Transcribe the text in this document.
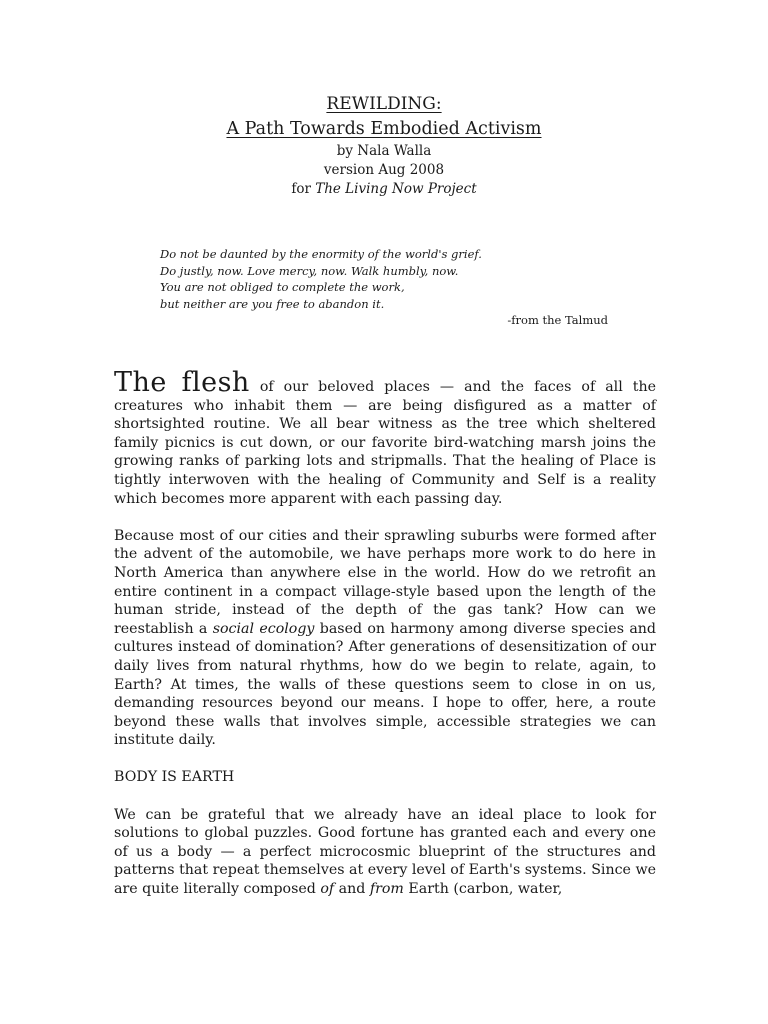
REWILDING:
A Path Towards Embodied Activism
by Nala Walla
version Aug 2008
for The Living Now Project
Do not be daunted by the enormity of the world's grief.
Do justly, now. Love mercy, now. Walk humbly, now.
You are not obliged to complete the work,
but neither are you free to abandon it.
-from the Talmud

The flesh of our beloved places — and the faces of all the creatures who inhabit them — are being disfigured as a matter of shortsighted routine. We all bear witness as the tree which sheltered family picnics is cut down, or our favorite bird-watching marsh joins the growing ranks of parking lots and stripmalls. That the healing of Place is tightly interwoven with the healing of Community and Self is a reality which becomes more apparent with each passing day.

Because most of our cities and their sprawling suburbs were formed after the advent of the automobile, we have perhaps more work to do here in North America than anywhere else in the world. How do we retrofit an entire continent in a compact village-style based upon the length of the human stride, instead of the depth of the gas tank? How can we reestablish a social ecology based on harmony among diverse species and cultures instead of domination? After generations of desensitization of our daily lives from natural rhythms, how do we begin to relate, again, to Earth? At times, the walls of these questions seem to close in on us, demanding resources beyond our means. I hope to offer, here, a route beyond these walls that involves simple, accessible strategies we can institute daily.

BODY IS EARTH

We can be grateful that we already have an ideal place to look for solutions to global puzzles. Good fortune has granted each and every one of us a body — a perfect microcosmic blueprint of the structures and patterns that repeat themselves at every level of Earth's systems. Since we are quite literally composed of and from Earth (carbon, water,
